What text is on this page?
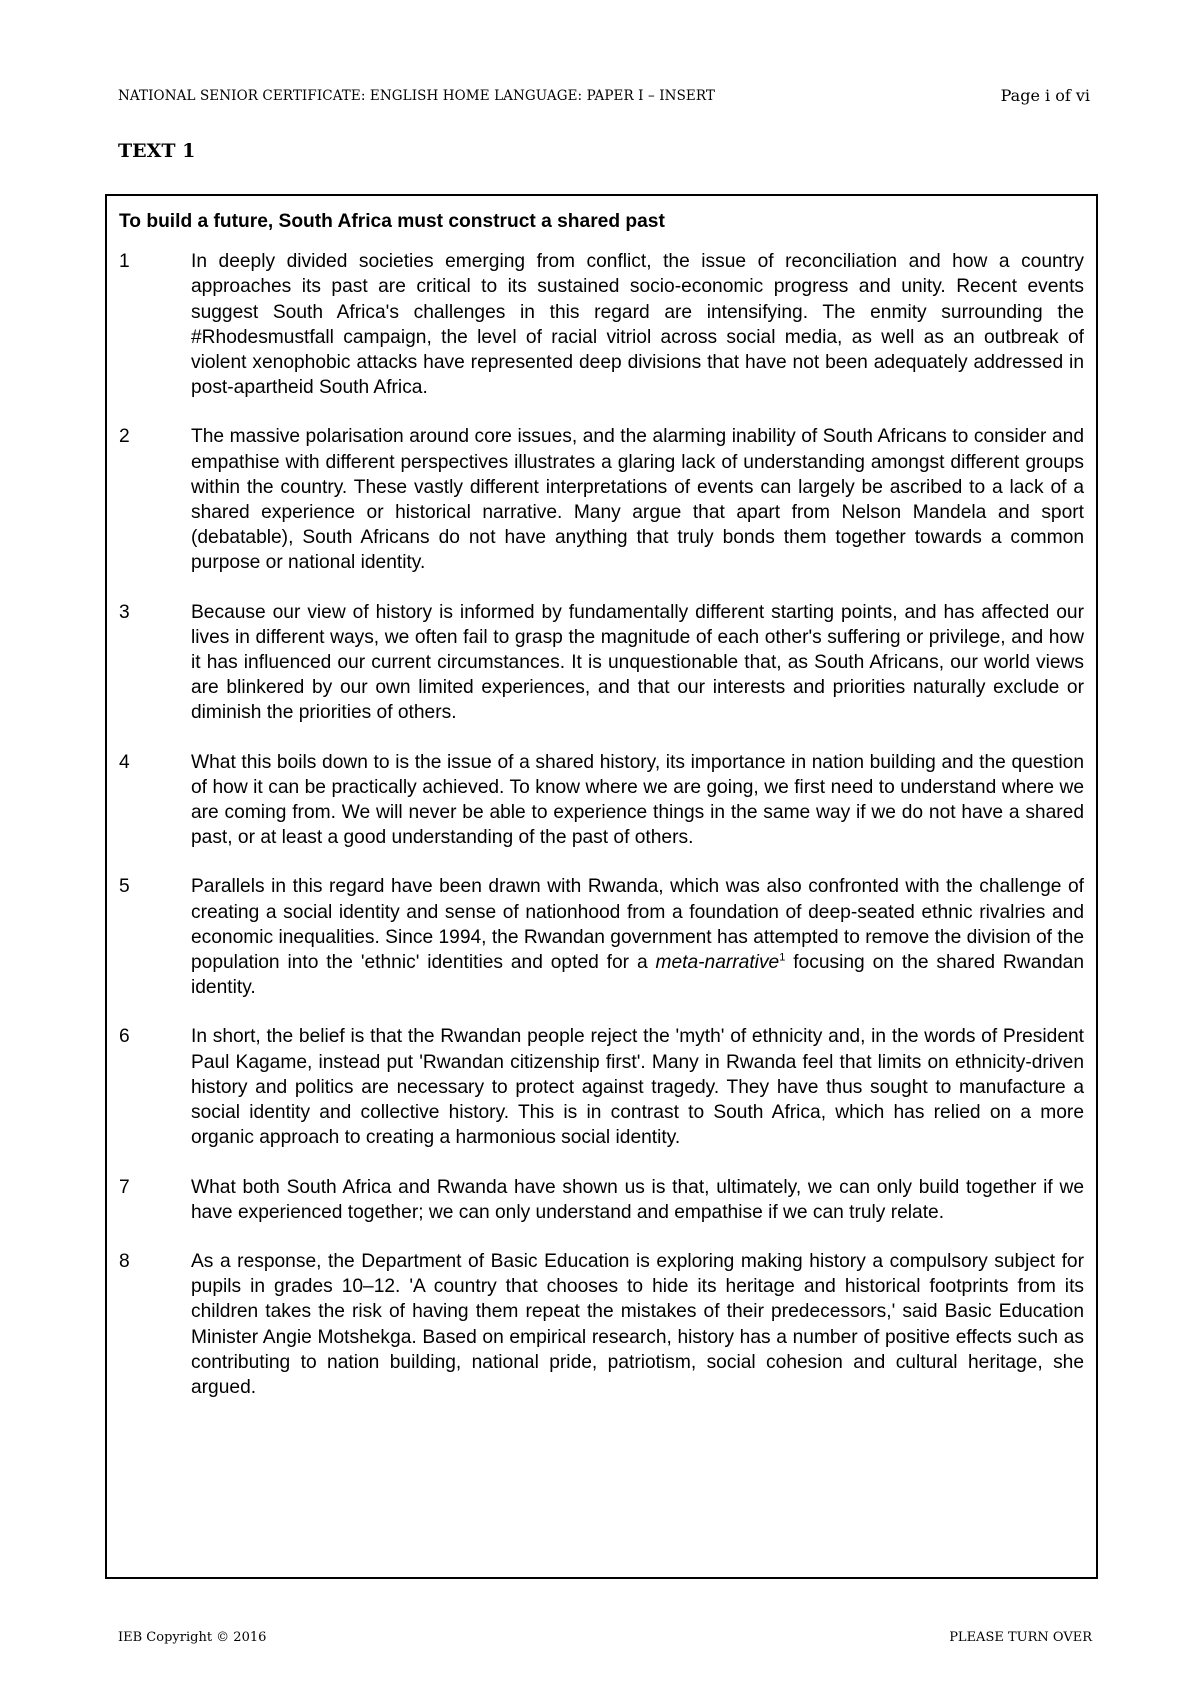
NATIONAL SENIOR CERTIFICATE: ENGLISH HOME LANGUAGE: PAPER I – INSERT	Page i of vi
TEXT 1
To build a future, South Africa must construct a shared past
1	In deeply divided societies emerging from conflict, the issue of reconciliation and how a country approaches its past are critical to its sustained socio-economic progress and unity. Recent events suggest South Africa's challenges in this regard are intensifying. The enmity surrounding the #Rhodesmustfall campaign, the level of racial vitriol across social media, as well as an outbreak of violent xenophobic attacks have represented deep divisions that have not been adequately addressed in post-apartheid South Africa.
2	The massive polarisation around core issues, and the alarming inability of South Africans to consider and empathise with different perspectives illustrates a glaring lack of understanding amongst different groups within the country. These vastly different interpretations of events can largely be ascribed to a lack of a shared experience or historical narrative. Many argue that apart from Nelson Mandela and sport (debatable), South Africans do not have anything that truly bonds them together towards a common purpose or national identity.
3	Because our view of history is informed by fundamentally different starting points, and has affected our lives in different ways, we often fail to grasp the magnitude of each other's suffering or privilege, and how it has influenced our current circumstances. It is unquestionable that, as South Africans, our world views are blinkered by our own limited experiences, and that our interests and priorities naturally exclude or diminish the priorities of others.
4	What this boils down to is the issue of a shared history, its importance in nation building and the question of how it can be practically achieved. To know where we are going, we first need to understand where we are coming from. We will never be able to experience things in the same way if we do not have a shared past, or at least a good understanding of the past of others.
5	Parallels in this regard have been drawn with Rwanda, which was also confronted with the challenge of creating a social identity and sense of nationhood from a foundation of deep-seated ethnic rivalries and economic inequalities. Since 1994, the Rwandan government has attempted to remove the division of the population into the 'ethnic' identities and opted for a meta-narrative$^1$ focusing on the shared Rwandan identity.
6	In short, the belief is that the Rwandan people reject the 'myth' of ethnicity and, in the words of President Paul Kagame, instead put 'Rwandan citizenship first'. Many in Rwanda feel that limits on ethnicity-driven history and politics are necessary to protect against tragedy. They have thus sought to manufacture a social identity and collective history. This is in contrast to South Africa, which has relied on a more organic approach to creating a harmonious social identity.
7	What both South Africa and Rwanda have shown us is that, ultimately, we can only build together if we have experienced together; we can only understand and empathise if we can truly relate.
8	As a response, the Department of Basic Education is exploring making history a compulsory subject for pupils in grades 10–12. 'A country that chooses to hide its heritage and historical footprints from its children takes the risk of having them repeat the mistakes of their predecessors,' said Basic Education Minister Angie Motshekga. Based on empirical research, history has a number of positive effects such as contributing to nation building, national pride, patriotism, social cohesion and cultural heritage, she argued.
IEB Copyright © 2016	PLEASE TURN OVER
